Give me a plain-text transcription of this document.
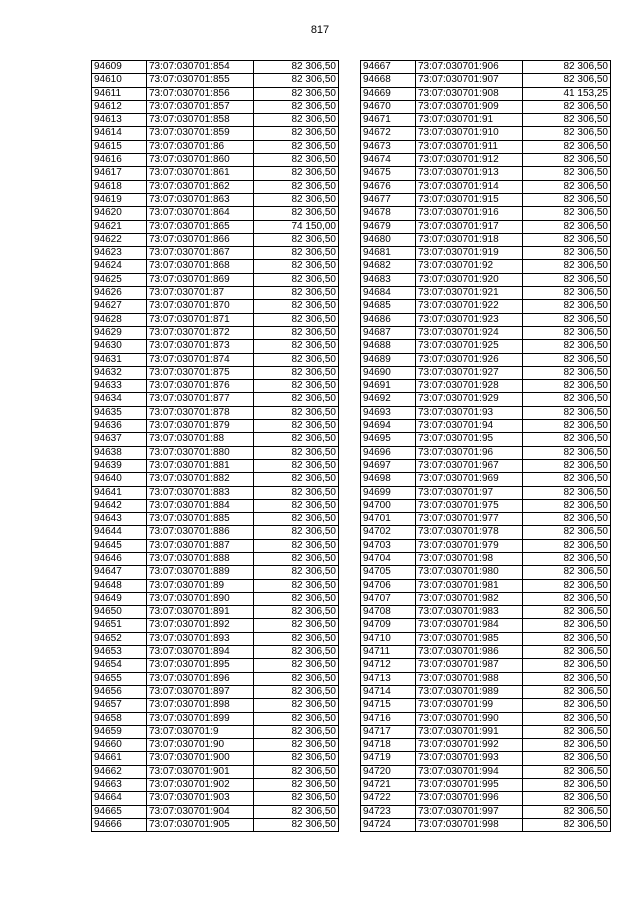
817
94609	73:07:030701:854	82 306,50
94610	73:07:030701:855	82 306,50
94611	73:07:030701:856	82 306,50
94612	73:07:030701:857	82 306,50
94613	73:07:030701:858	82 306,50
94614	73:07:030701:859	82 306,50
94615	73:07:030701:86	82 306,50
94616	73:07:030701:860	82 306,50
94617	73:07:030701:861	82 306,50
94618	73:07:030701:862	82 306,50
94619	73:07:030701:863	82 306,50
94620	73:07:030701:864	82 306,50
94621	73:07:030701:865	74 150,00
94622	73:07:030701:866	82 306,50
94623	73:07:030701:867	82 306,50
94624	73:07:030701:868	82 306,50
94625	73:07:030701:869	82 306,50
94626	73:07:030701:87	82 306,50
94627	73:07:030701:870	82 306,50
94628	73:07:030701:871	82 306,50
94629	73:07:030701:872	82 306,50
94630	73:07:030701:873	82 306,50
94631	73:07:030701:874	82 306,50
94632	73:07:030701:875	82 306,50
94633	73:07:030701:876	82 306,50
94634	73:07:030701:877	82 306,50
94635	73:07:030701:878	82 306,50
94636	73:07:030701:879	82 306,50
94637	73:07:030701:88	82 306,50
94638	73:07:030701:880	82 306,50
94639	73:07:030701:881	82 306,50
94640	73:07:030701:882	82 306,50
94641	73:07:030701:883	82 306,50
94642	73:07:030701:884	82 306,50
94643	73:07:030701:885	82 306,50
94644	73:07:030701:886	82 306,50
94645	73:07:030701:887	82 306,50
94646	73:07:030701:888	82 306,50
94647	73:07:030701:889	82 306,50
94648	73:07:030701:89	82 306,50
94649	73:07:030701:890	82 306,50
94650	73:07:030701:891	82 306,50
94651	73:07:030701:892	82 306,50
94652	73:07:030701:893	82 306,50
94653	73:07:030701:894	82 306,50
94654	73:07:030701:895	82 306,50
94655	73:07:030701:896	82 306,50
94656	73:07:030701:897	82 306,50
94657	73:07:030701:898	82 306,50
94658	73:07:030701:899	82 306,50
94659	73:07:030701:9	82 306,50
94660	73:07:030701:90	82 306,50
94661	73:07:030701:900	82 306,50
94662	73:07:030701:901	82 306,50
94663	73:07:030701:902	82 306,50
94664	73:07:030701:903	82 306,50
94665	73:07:030701:904	82 306,50
94666	73:07:030701:905	82 306,50
94667	73:07:030701:906	82 306,50
94668	73:07:030701:907	82 306,50
94669	73:07:030701:908	41 153,25
94670	73:07:030701:909	82 306,50
94671	73:07:030701:91	82 306,50
94672	73:07:030701:910	82 306,50
94673	73:07:030701:911	82 306,50
94674	73:07:030701:912	82 306,50
94675	73:07:030701:913	82 306,50
94676	73:07:030701:914	82 306,50
94677	73:07:030701:915	82 306,50
94678	73:07:030701:916	82 306,50
94679	73:07:030701:917	82 306,50
94680	73:07:030701:918	82 306,50
94681	73:07:030701:919	82 306,50
94682	73:07:030701:92	82 306,50
94683	73:07:030701:920	82 306,50
94684	73:07:030701:921	82 306,50
94685	73:07:030701:922	82 306,50
94686	73:07:030701:923	82 306,50
94687	73:07:030701:924	82 306,50
94688	73:07:030701:925	82 306,50
94689	73:07:030701:926	82 306,50
94690	73:07:030701:927	82 306,50
94691	73:07:030701:928	82 306,50
94692	73:07:030701:929	82 306,50
94693	73:07:030701:93	82 306,50
94694	73:07:030701:94	82 306,50
94695	73:07:030701:95	82 306,50
94696	73:07:030701:96	82 306,50
94697	73:07:030701:967	82 306,50
94698	73:07:030701:969	82 306,50
94699	73:07:030701:97	82 306,50
94700	73:07:030701:975	82 306,50
94701	73:07:030701:977	82 306,50
94702	73:07:030701:978	82 306,50
94703	73:07:030701:979	82 306,50
94704	73:07:030701:98	82 306,50
94705	73:07:030701:980	82 306,50
94706	73:07:030701:981	82 306,50
94707	73:07:030701:982	82 306,50
94708	73:07:030701:983	82 306,50
94709	73:07:030701:984	82 306,50
94710	73:07:030701:985	82 306,50
94711	73:07:030701:986	82 306,50
94712	73:07:030701:987	82 306,50
94713	73:07:030701:988	82 306,50
94714	73:07:030701:989	82 306,50
94715	73:07:030701:99	82 306,50
94716	73:07:030701:990	82 306,50
94717	73:07:030701:991	82 306,50
94718	73:07:030701:992	82 306,50
94719	73:07:030701:993	82 306,50
94720	73:07:030701:994	82 306,50
94721	73:07:030701:995	82 306,50
94722	73:07:030701:996	82 306,50
94723	73:07:030701:997	82 306,50
94724	73:07:030701:998	82 306,50
